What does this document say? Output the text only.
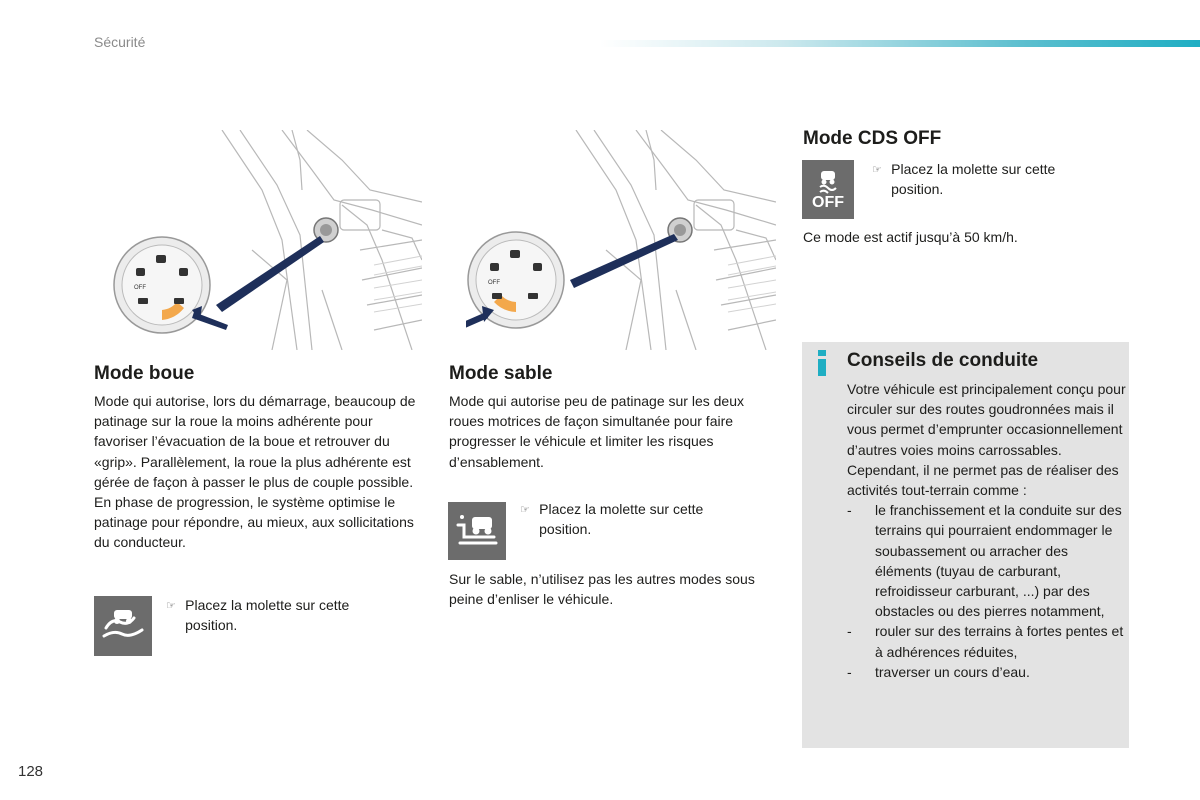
Sécurité
OFF
OFF
Mode boue
Mode qui autorise, lors du démarrage, beaucoup de patinage sur la roue la moins adhérente pour favoriser l’évacuation de la boue et retrouver du «grip». Parallèlement, la roue la plus adhérente est gérée de façon à passer le plus de couple possible.
En phase de progression, le système optimise le patinage pour répondre, au mieux, aux sollicitations du conducteur.
☞ Placez la molette sur cette position.
Mode sable
Mode qui autorise peu de patinage sur les deux roues motrices de façon simultanée pour faire progresser le véhicule et limiter les risques d’ensablement.
☞ Placez la molette sur cette position.
Sur le sable, n’utilisez pas les autres modes sous peine d’enliser le véhicule.
Mode CDS OFF
OFF
☞ Placez la molette sur cette position.
Ce mode est actif jusqu’à 50 km/h.
Conseils de conduite
Votre véhicule est principalement conçu pour circuler sur des routes goudronnées mais il vous permet d’emprunter occasionnellement d’autres voies moins carrossables.
Cependant, il ne permet pas de réaliser des activités tout-terrain comme :
- le franchissement et la conduite sur des terrains qui pourraient endommager le soubassement ou arracher des éléments (tuyau de carburant, refroidisseur carburant, ...) par des obstacles ou des pierres notamment,
- rouler sur des terrains à fortes pentes et à adhérences réduites,
- traverser un cours d’eau.
128
